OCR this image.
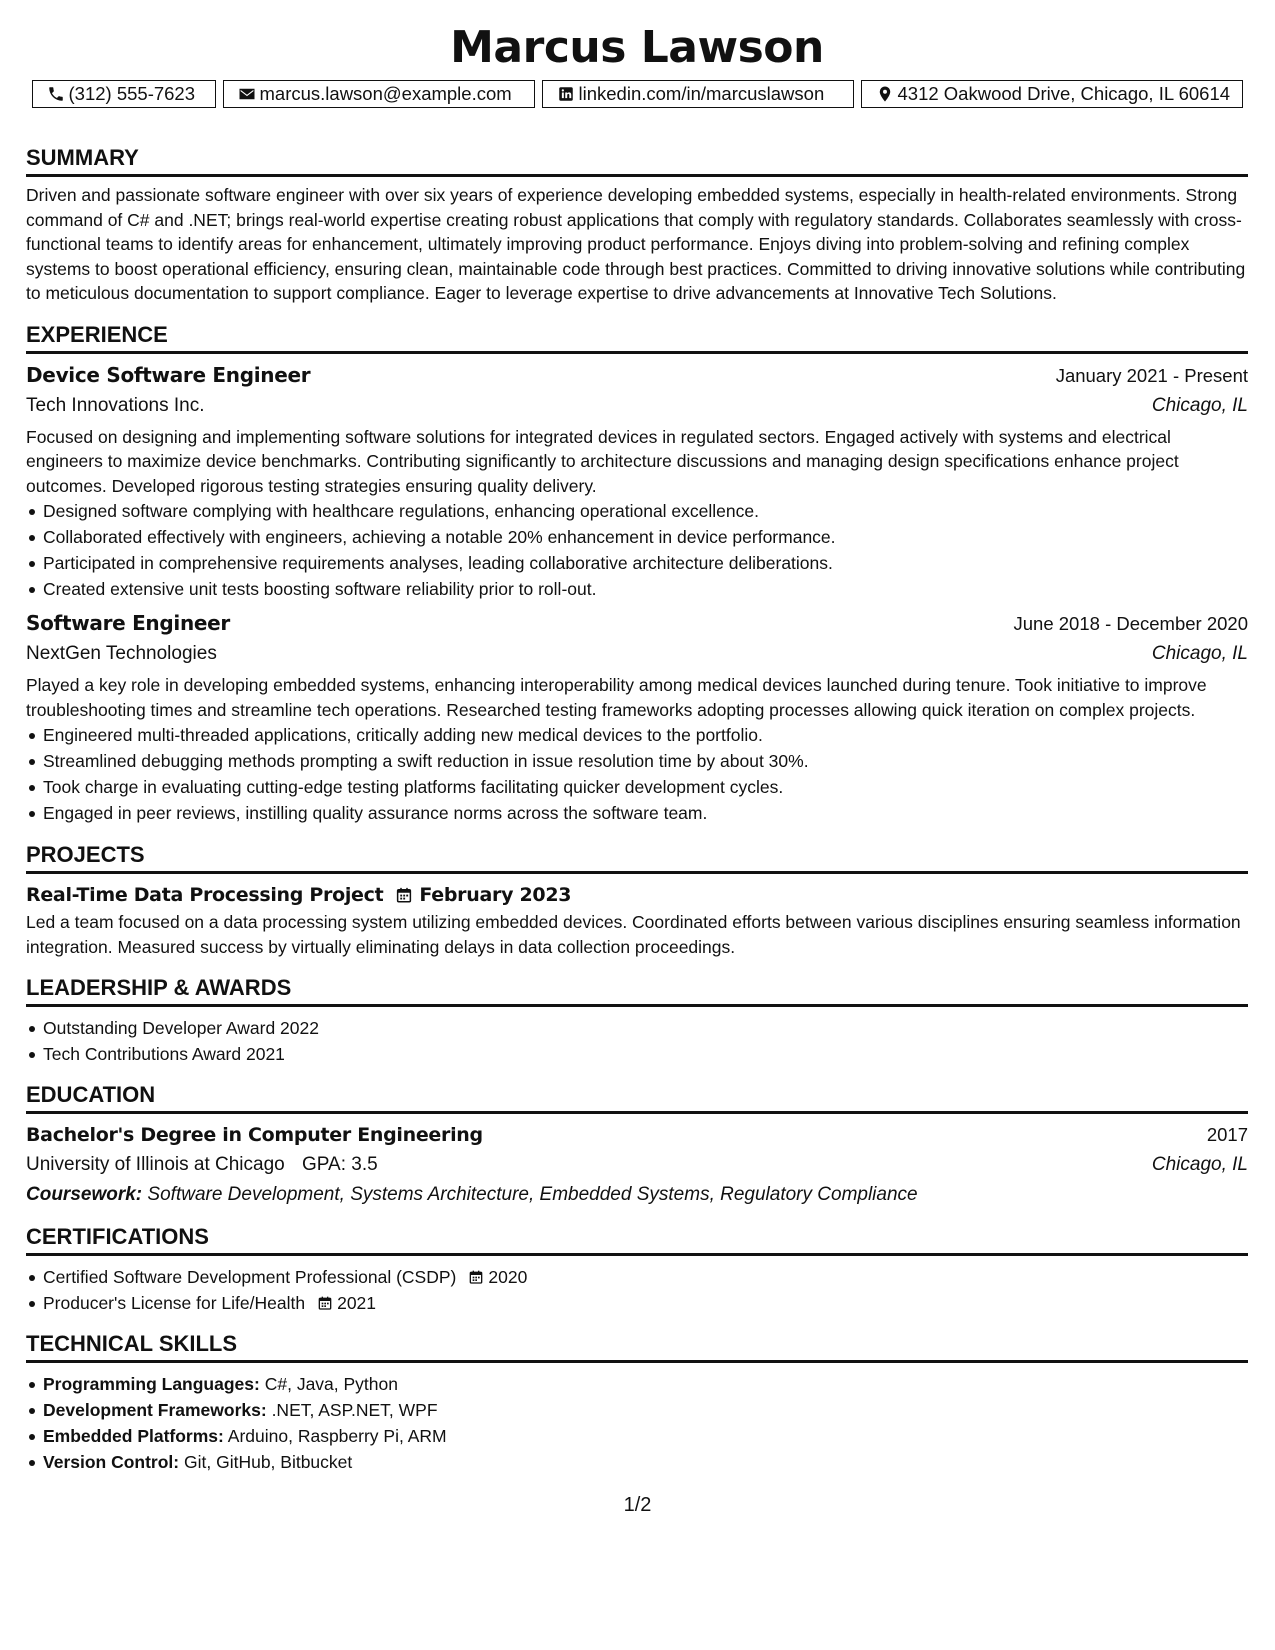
Marcus Lawson
(312) 555-7623	marcus.lawson@example.com	linkedin.com/in/marcuslawson	4312 Oakwood Drive, Chicago, IL 60614
SUMMARY
Driven and passionate software engineer with over six years of experience developing embedded systems, especially in health-related environments. Strong command of C# and .NET; brings real-world expertise creating robust applications that comply with regulatory standards. Collaborates seamlessly with cross-functional teams to identify areas for enhancement, ultimately improving product performance. Enjoys diving into problem-solving and refining complex systems to boost operational efficiency, ensuring clean, maintainable code through best practices. Committed to driving innovative solutions while contributing to meticulous documentation to support compliance. Eager to leverage expertise to drive advancements at Innovative Tech Solutions.
EXPERIENCE
Device Software Engineer	January 2021 - Present
Tech Innovations Inc.	Chicago, IL
Focused on designing and implementing software solutions for integrated devices in regulated sectors. Engaged actively with systems and electrical engineers to maximize device benchmarks. Contributing significantly to architecture discussions and managing design specifications enhance project outcomes. Developed rigorous testing strategies ensuring quality delivery.
Designed software complying with healthcare regulations, enhancing operational excellence.
Collaborated effectively with engineers, achieving a notable 20% enhancement in device performance.
Participated in comprehensive requirements analyses, leading collaborative architecture deliberations.
Created extensive unit tests boosting software reliability prior to roll-out.
Software Engineer	June 2018 - December 2020
NextGen Technologies	Chicago, IL
Played a key role in developing embedded systems, enhancing interoperability among medical devices launched during tenure. Took initiative to improve troubleshooting times and streamline tech operations. Researched testing frameworks adopting processes allowing quick iteration on complex projects.
Engineered multi-threaded applications, critically adding new medical devices to the portfolio.
Streamlined debugging methods prompting a swift reduction in issue resolution time by about 30%.
Took charge in evaluating cutting-edge testing platforms facilitating quicker development cycles.
Engaged in peer reviews, instilling quality assurance norms across the software team.
PROJECTS
Real-Time Data Processing Project February 2023
Led a team focused on a data processing system utilizing embedded devices. Coordinated efforts between various disciplines ensuring seamless information integration. Measured success by virtually eliminating delays in data collection proceedings.
LEADERSHIP & AWARDS
Outstanding Developer Award 2022
Tech Contributions Award 2021
EDUCATION
Bachelor's Degree in Computer Engineering	2017
University of Illinois at Chicago GPA: 3.5	Chicago, IL
Coursework: Software Development, Systems Architecture, Embedded Systems, Regulatory Compliance
CERTIFICATIONS
Certified Software Development Professional (CSDP) 2020
Producer's License for Life/Health 2021
TECHNICAL SKILLS
Programming Languages: C#, Java, Python
Development Frameworks: .NET, ASP.NET, WPF
Embedded Platforms: Arduino, Raspberry Pi, ARM
Version Control: Git, GitHub, Bitbucket
1/2
